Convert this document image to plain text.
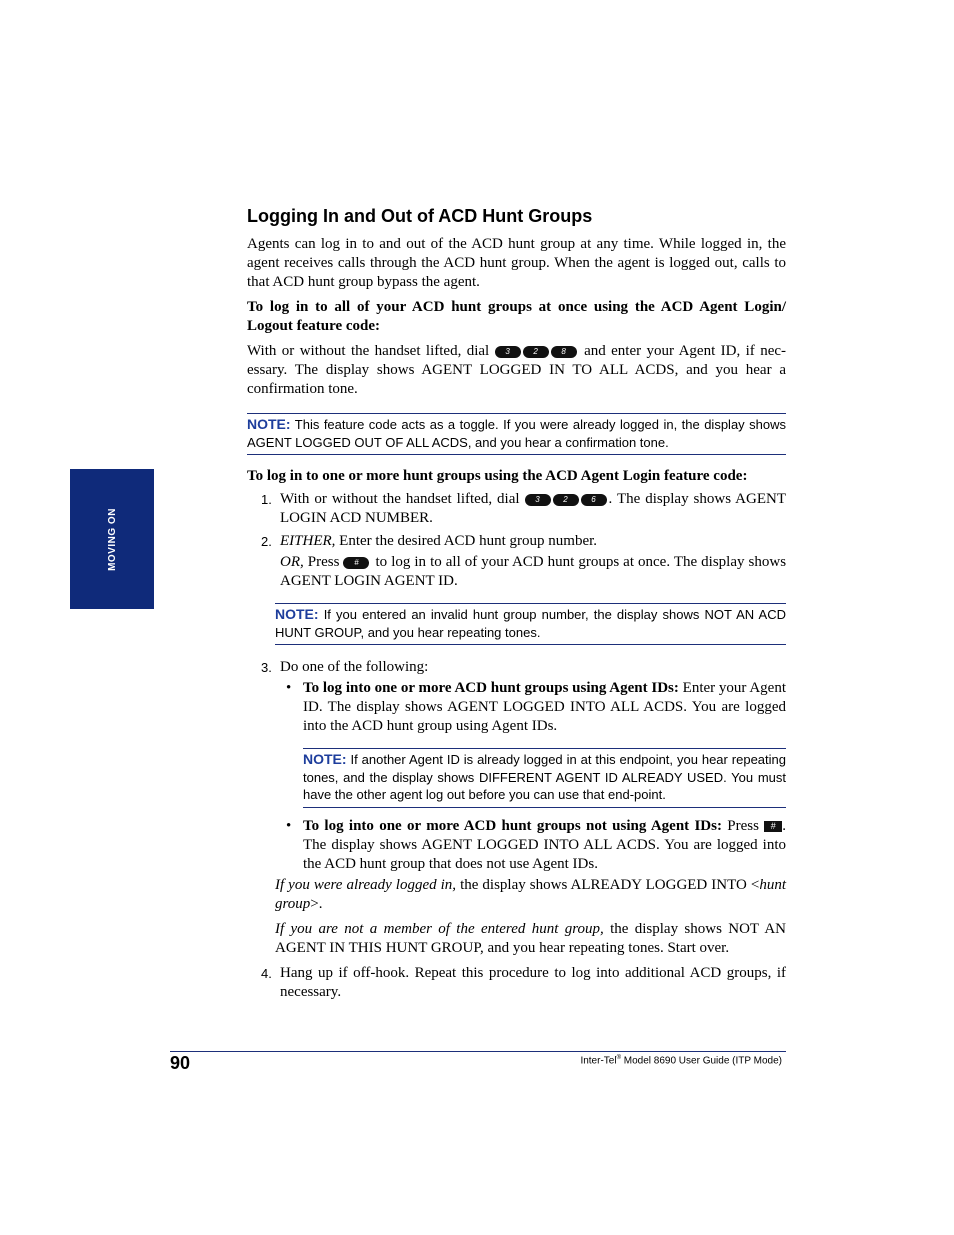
MOVING ON
Logging In and Out of ACD Hunt Groups

Agents can log in to and out of the ACD hunt group at any time. While logged in, the agent receives calls through the ACD hunt group. When the agent is logged out, calls to that ACD hunt group bypass the agent.

To log in to all of your ACD hunt groups at once using the ACD Agent Login/ Logout feature code:

With or without the handset lifted, dial 3	2	8 and enter your Agent ID, if nec-essary. The display shows AGENT LOGGED IN TO ALL ACDS, and you hear a confirmation tone.

NOTE: This feature code acts as a toggle. If you were already logged in, the display shows AGENT LOGGED OUT OF ALL ACDS, and you hear a confirmation tone.

To log in to one or more hunt groups using the ACD Agent Login feature code:

1. With or without the handset lifted, dial 3	2	6 . The display shows AGENT LOGIN ACD NUMBER.
2. EITHER, Enter the desired ACD hunt group number.

OR, Press # to log in to all of your ACD hunt groups at once. The display shows AGENT LOGIN AGENT ID.

NOTE: If you entered an invalid hunt group number, the display shows NOT AN ACD HUNT GROUP, and you hear repeating tones.
3. Do one of the following:
• To log into one or more ACD hunt groups using Agent IDs: Enter your Agent ID. The display shows AGENT LOGGED INTO ALL ACDS. You are logged into the ACD hunt group using Agent IDs.
NOTE: If another Agent ID is already logged in at this endpoint, you hear repeating tones, and the display shows DIFFERENT AGENT ID ALREADY USED. You must have the other agent log out before you can use that end-point.
• To log into one or more ACD hunt groups not using Agent IDs: Press # . The display shows AGENT LOGGED INTO ALL ACDS. You are logged into the ACD hunt group that does not use Agent IDs.

If you were already logged in, the display shows ALREADY LOGGED INTO <hunt group>.

If you are not a member of the entered hunt group, the display shows NOT AN AGENT IN THIS HUNT GROUP, and you hear repeating tones. Start over.

4. Hang up if off-hook. Repeat this procedure to log into additional ACD groups, if necessary.
90	Inter-Tel® Model 8690 User Guide (ITP Mode)
